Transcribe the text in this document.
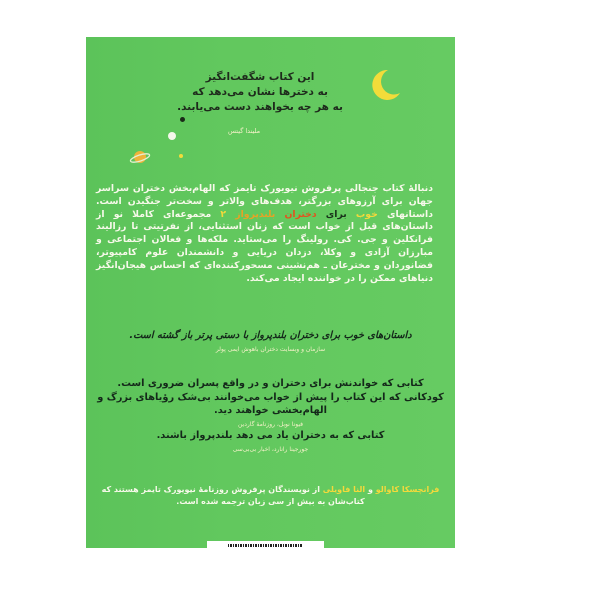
این کتاب شگفت‌انگیز
به دخترها نشان می‌دهد که
به هر چه بخواهند دست می‌یابند.
ملیندا گیتس
دنبالهٔ کتاب جنجالی پرفروش نیویورک تایمز که الهام‌بخش دختران سراسر جهان برای آرزوهای بزرگتر، هدف‌های والاتر و سخت‌تر جنگیدن است. داستانهای خوب برای دختران بلندپرواز ۲ مجموعه‌ای کاملا نو از داستان‌های قبل از خواب است که زنان استثنایی، از نفرتیتی تا رزالیند فرانکلین و جی. کی. رولینگ را می‌ستاید. ملکه‌ها و فعالان اجتماعی و مبارزان آزادی و وکلا، دزدان دریایی و دانشمندان علوم کامپیوتر، فضانوردان و مخترعان ـ هم‌نشینی مسحورکننده‌ای که احساس هیجان‌انگیز دنیاهای ممکن را در خواننده ایجاد می‌کند.
داستان‌های خوب برای دختران بلندپرواز با دستی پرتر باز گشته است.
سازمان و وبسایت دختران باهوش ایمی پولر
کتابی که خواندنش برای دختران و در واقع پسران ضروری است.
کودکانی که این کتاب را پیش از خواب می‌خوانند بی‌شک رؤیاهای بزرگ و
الهام‌بخشی خواهند دید.
فیونا نوبل، روزنامهٔ گاردین
کتابی که به دختران یاد می دهد بلندپرواز باشند.
جورجینا رانارد، اخبار بی‌بی‌سی
فرانچسکا کاوالو و النا فاویلی از نویسندگان پرفروش روزنامهٔ نیویورک تایمز هستند که
کتاب‌شان به بیش از سی زبان ترجمه شده است.
